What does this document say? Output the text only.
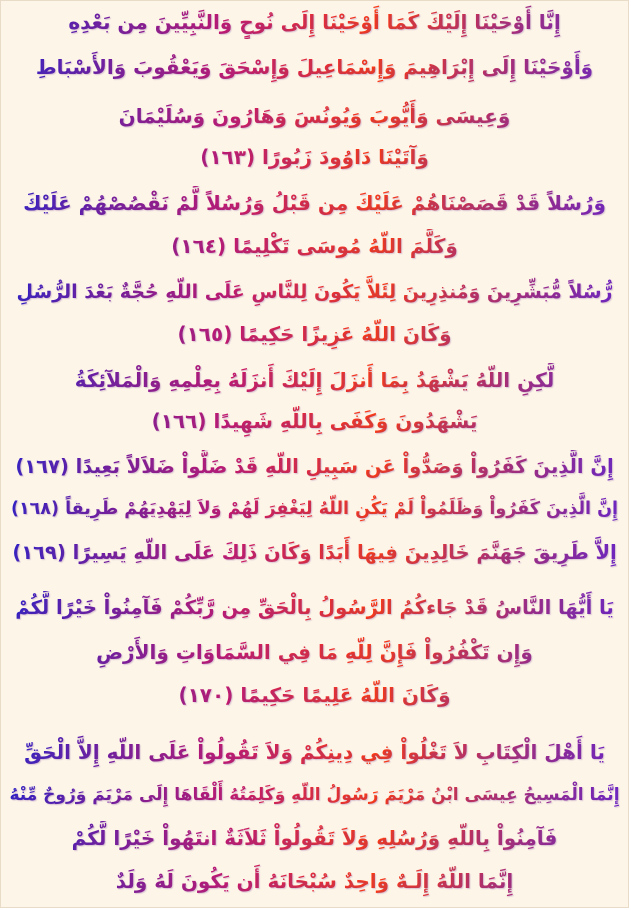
إِنَّا أَوْحَيْنَا إِلَيْكَ كَمَا أَوْحَيْنَا إِلَى نُوحٍ وَالنَّبِيِّينَ مِن بَعْدِهِ
وَأَوْحَيْنَا إِلَى إِبْرَاهِيمَ وَإِسْمَاعِيلَ وَإِسْحَقَ وَيَعْقُوبَ وَالأَسْبَاطِ
وَعِيسَى وَأَيُّوبَ وَيُونُسَ وَهَارُونَ وَسُلَيْمَانَ
وَآتَيْنَا دَاوُودَ زَبُورًا (١٦٣)
وَرُسُلاً قَدْ قَصَصْنَاهُمْ عَلَيْكَ مِن قَبْلُ وَرُسُلاً لَّمْ نَقْصُصْهُمْ عَلَيْكَ
وَكَلَّمَ اللّهُ مُوسَى تَكْلِيمًا (١٦٤)
رُّسُلاً مُّبَشِّرِينَ وَمُنذِرِينَ لِئَلاَّ يَكُونَ لِلنَّاسِ عَلَى اللّهِ حُجَّةٌ بَعْدَ الرُّسُلِ
وَكَانَ اللّهُ عَزِيزًا حَكِيمًا (١٦٥)
لَّكِنِ اللّهُ يَشْهَدُ بِمَا أَنزَلَ إِلَيْكَ أَنزَلَهُ بِعِلْمِهِ وَالْمَلآئِكَةُ
يَشْهَدُونَ وَكَفَى بِاللّهِ شَهِيدًا (١٦٦)
إِنَّ الَّذِينَ كَفَرُواْ وَصَدُّواْ عَن سَبِيلِ اللّهِ قَدْ ضَلُّواْ ضَلاَلاً بَعِيدًا (١٦٧)
إِنَّ الَّذِينَ كَفَرُواْ وَظَلَمُواْ لَمْ يَكُنِ اللّهُ لِيَغْفِرَ لَهُمْ وَلاَ لِيَهْدِيَهُمْ طَرِيقاً (١٦٨)
إِلاَّ طَرِيقَ جَهَنَّمَ خَالِدِينَ فِيهَا أَبَدًا وَكَانَ ذَلِكَ عَلَى اللّهِ يَسِيرًا (١٦٩)
يَا أَيُّهَا النَّاسُ قَدْ جَاءكُمُ الرَّسُولُ بِالْحَقِّ مِن رَّبِّكُمْ فَآمِنُواْ خَيْرًا لَّكُمْ
وَإِن تَكْفُرُواْ فَإِنَّ لِلّهِ مَا فِي السَّمَاوَاتِ وَالأَرْضِ
وَكَانَ اللّهُ عَلِيمًا حَكِيمًا (١٧٠)
يَا أَهْلَ الْكِتَابِ لاَ تَغْلُواْ فِي دِينِكُمْ وَلاَ تَقُولُواْ عَلَى اللّهِ إِلاَّ الْحَقِّ
إِنَّمَا الْمَسِيحُ عِيسَى ابْنُ مَرْيَمَ رَسُولُ اللّهِ وَكَلِمَتُهُ أَلْقَاهَا إِلَى مَرْيَمَ وَرُوحٌ مِّنْهُ
فَآمِنُواْ بِاللّهِ وَرُسُلِهِ وَلاَ تَقُولُواْ ثَلاَثَةٌ انتَهُواْ خَيْرًا لَّكُمْ
إِنَّمَا اللّهُ إِلَـهٌ وَاحِدٌ سُبْحَانَهُ أَن يَكُونَ لَهُ وَلَدٌ
